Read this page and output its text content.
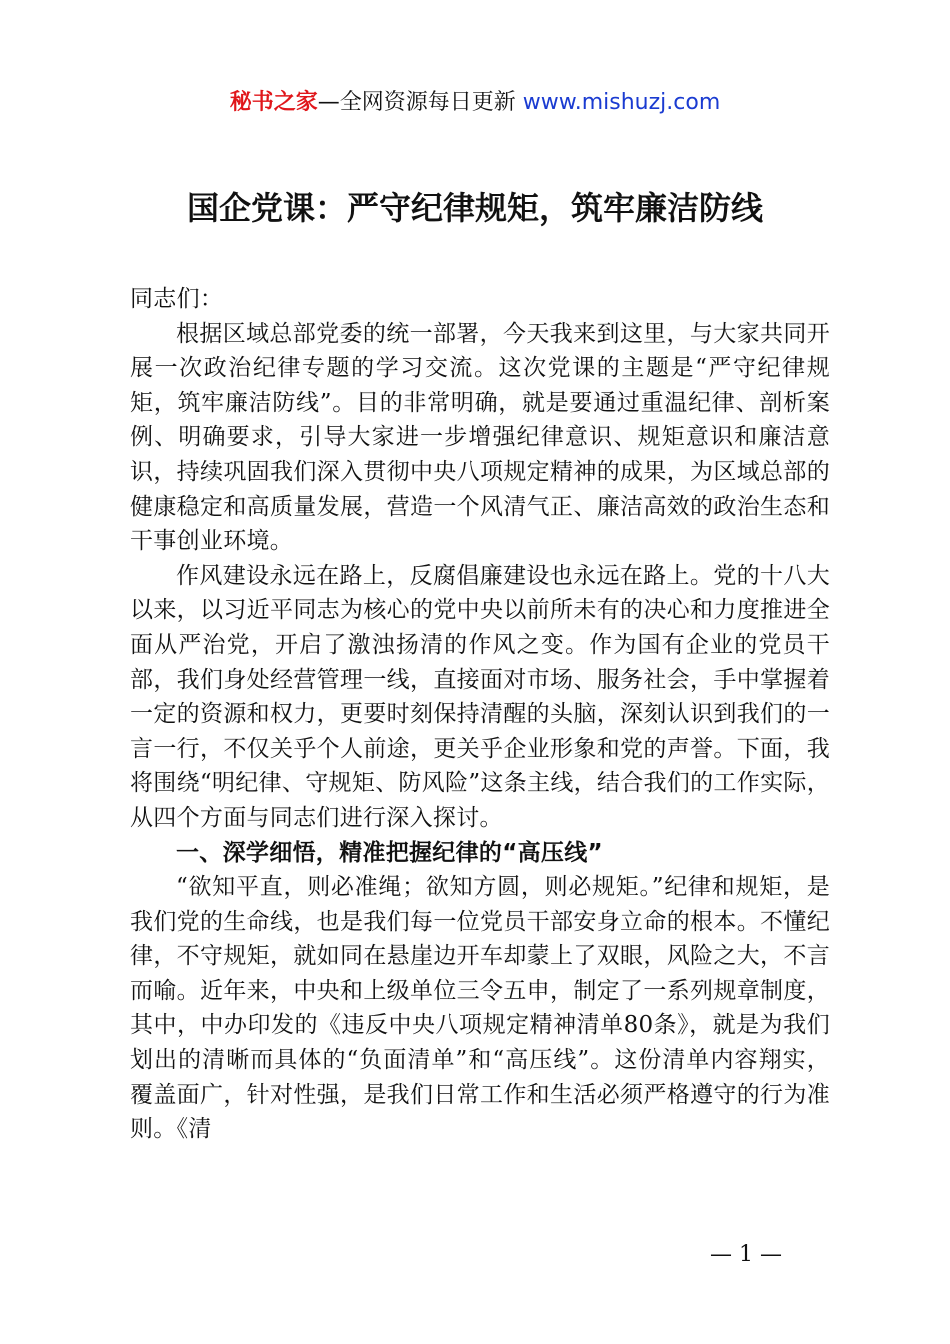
秘书之家—全网资源每日更新 www.mishuzj.com
国企党课：严守纪律规矩，筑牢廉洁防线

同志们：

根据区域总部党委的统一部署，今天我来到这里，与大家共同开展一次政治纪律专题的学习交流。这次党课的主题是“严守纪律规矩，筑牢廉洁防线”。目的非常明确，就是要通过重温纪律、剖析案例、明确要求，引导大家进一步增强纪律意识、规矩意识和廉洁意识，持续巩固我们深入贯彻中央八项规定精神的成果，为区域总部的健康稳定和高质量发展，营造一个风清气正、廉洁高效的政治生态和干事创业环境。

作风建设永远在路上，反腐倡廉建设也永远在路上。党的十八大以来，以习近平同志为核心的党中央以前所未有的决心和力度推进全面从严治党，开启了激浊扬清的作风之变。作为国有企业的党员干部，我们身处经营管理一线，直接面对市场、服务社会，手中掌握着一定的资源和权力，更要时刻保持清醒的头脑，深刻认识到我们的一言一行，不仅关乎个人前途，更关乎企业形象和党的声誉。下面，我将围绕“明纪律、守规矩、防风险”这条主线，结合我们的工作实际，从四个方面与同志们进行深入探讨。

一、深学细悟，精准把握纪律的“高压线”

“欲知平直，则必准绳；欲知方圆，则必规矩。”纪律和规矩，是我们党的生命线，也是我们每一位党员干部安身立命的根本。不懂纪律，不守规矩，就如同在悬崖边开车却蒙上了双眼，风险之大，不言而喻。近年来，中央和上级单位三令五申，制定了一系列规章制度，其中，中办印发的《违反中央八项规定精神清单80条》，就是为我们划出的清晰而具体的“负面清单”和“高压线”。这份清单内容翔实，覆盖面广，针对性强，是我们日常工作和生活必须严格遵守的行为准则。《清

— 1 —
